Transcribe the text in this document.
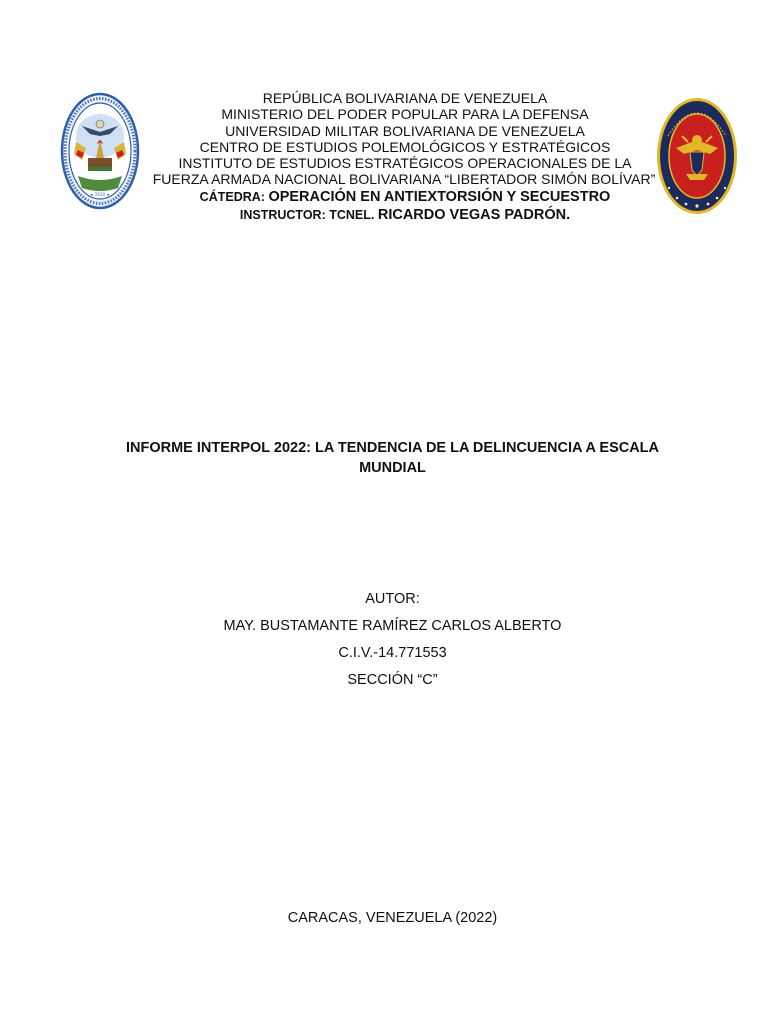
★ 2010 ★
REPÚBLICA BOLIVARIANA DE VENEZUELA
MINISTERIO DEL PODER POPULAR PARA LA DEFENSA
UNIVERSIDAD MILITAR BOLIVARIANA DE VENEZUELA
CENTRO DE ESTUDIOS POLEMOLÓGICOS Y ESTRATÉGICOS
INSTITUTO DE ESTUDIOS ESTRATÉGICOS OPERACIONALES DE LA
FUERZA ARMADA NACIONAL BOLIVARIANA “LIBERTADOR SIMÓN BOLÍVAR”
CÁTEDRA: OPERACIÓN EN ANTIEXTORSIÓN Y SECUESTRO
INSTRUCTOR: TCNEL. RICARDO VEGAS PADRÓN.
INFORME INTERPOL 2022: LA TENDENCIA DE LA DELINCUENCIA A ESCALA MUNDIAL
AUTOR:
MAY. BUSTAMANTE RAMÍREZ CARLOS ALBERTO
C.I.V.-14.771553
SECCIÓN “C”
CARACAS, VENEZUELA (2022)
